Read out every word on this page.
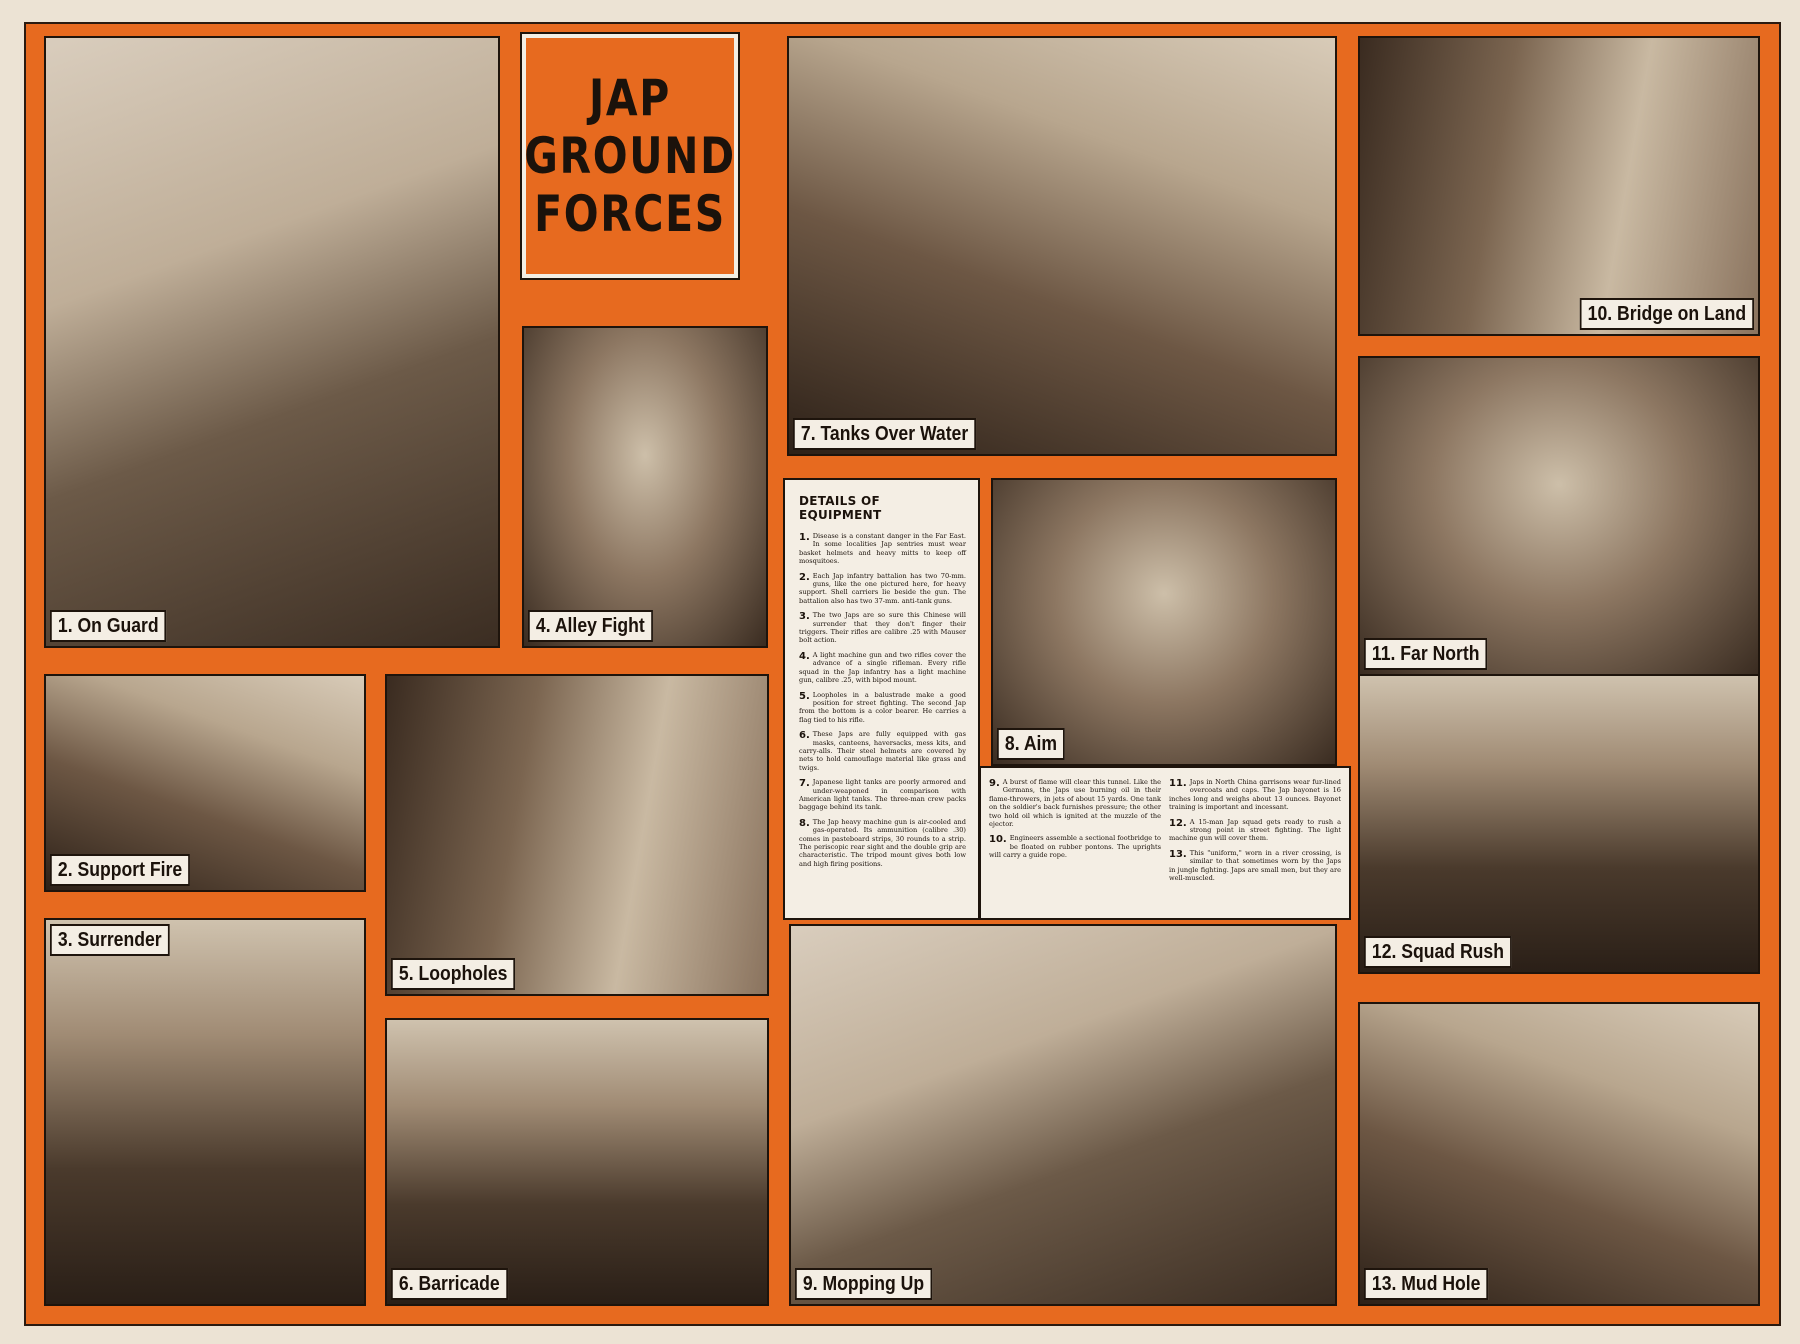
1. On Guard
2. Support Fire
3. Surrender
JAP
GROUND
FORCES
4. Alley Fight
5. Loopholes
6. Barricade
7. Tanks Over Water
DETAILS OF EQUIPMENT
1. Disease is a constant danger in the Far East. In some localities Jap sentries must wear basket helmets and heavy mitts to keep off mosquitoes.
2. Each Jap infantry battalion has two 70-mm. guns, like the one pictured here, for heavy support. Shell carriers lie beside the gun. The battalion also has two 37-mm. anti-tank guns.
3. The two Japs are so sure this Chinese will surrender that they don't finger their triggers. Their rifles are calibre .25 with Mauser bolt action.
4. A light machine gun and two rifles cover the advance of a single rifleman. Every rifle squad in the Jap infantry has a light machine gun, calibre .25, with bipod mount.
5. Loopholes in a balustrade make a good position for street fighting. The second Jap from the bottom is a color bearer. He carries a flag tied to his rifle.
6. These Japs are fully equipped with gas masks, canteens, haversacks, mess kits, and carry-alls. Their steel helmets are covered by nets to hold camouflage material like grass and twigs.
7. Japanese light tanks are poorly armored and under-weaponed in comparison with American light tanks. The three-man crew packs baggage behind its tank.
8. The Jap heavy machine gun is air-cooled and gas-operated. Its ammunition (calibre .30) comes in pasteboard strips, 30 rounds to a strip. The periscopic rear sight and the double grip are characteristic. The tripod mount gives both low and high firing positions.
8. Aim
9. A burst of flame will clear this tunnel. Like the Germans, the Japs use burning oil in their flame-throwers, in jets of about 15 yards. One tank on the soldier's back furnishes pressure; the other two hold oil which is ignited at the muzzle of the ejector.
10. Engineers assemble a sectional footbridge to be floated on rubber pontons. The uprights will carry a guide rope.
11. Japs in North China garrisons wear fur-lined overcoats and caps. The Jap bayonet is 16 inches long and weighs about 13 ounces. Bayonet training is important and incessant.
12. A 15-man Jap squad gets ready to rush a strong point in street fighting. The light machine gun will cover them.
13. This "uniform," worn in a river crossing, is similar to that sometimes worn by the Japs in jungle fighting. Japs are small men, but they are well-muscled.
9. Mopping Up
10. Bridge on Land
11. Far North
12. Squad Rush
13. Mud Hole
